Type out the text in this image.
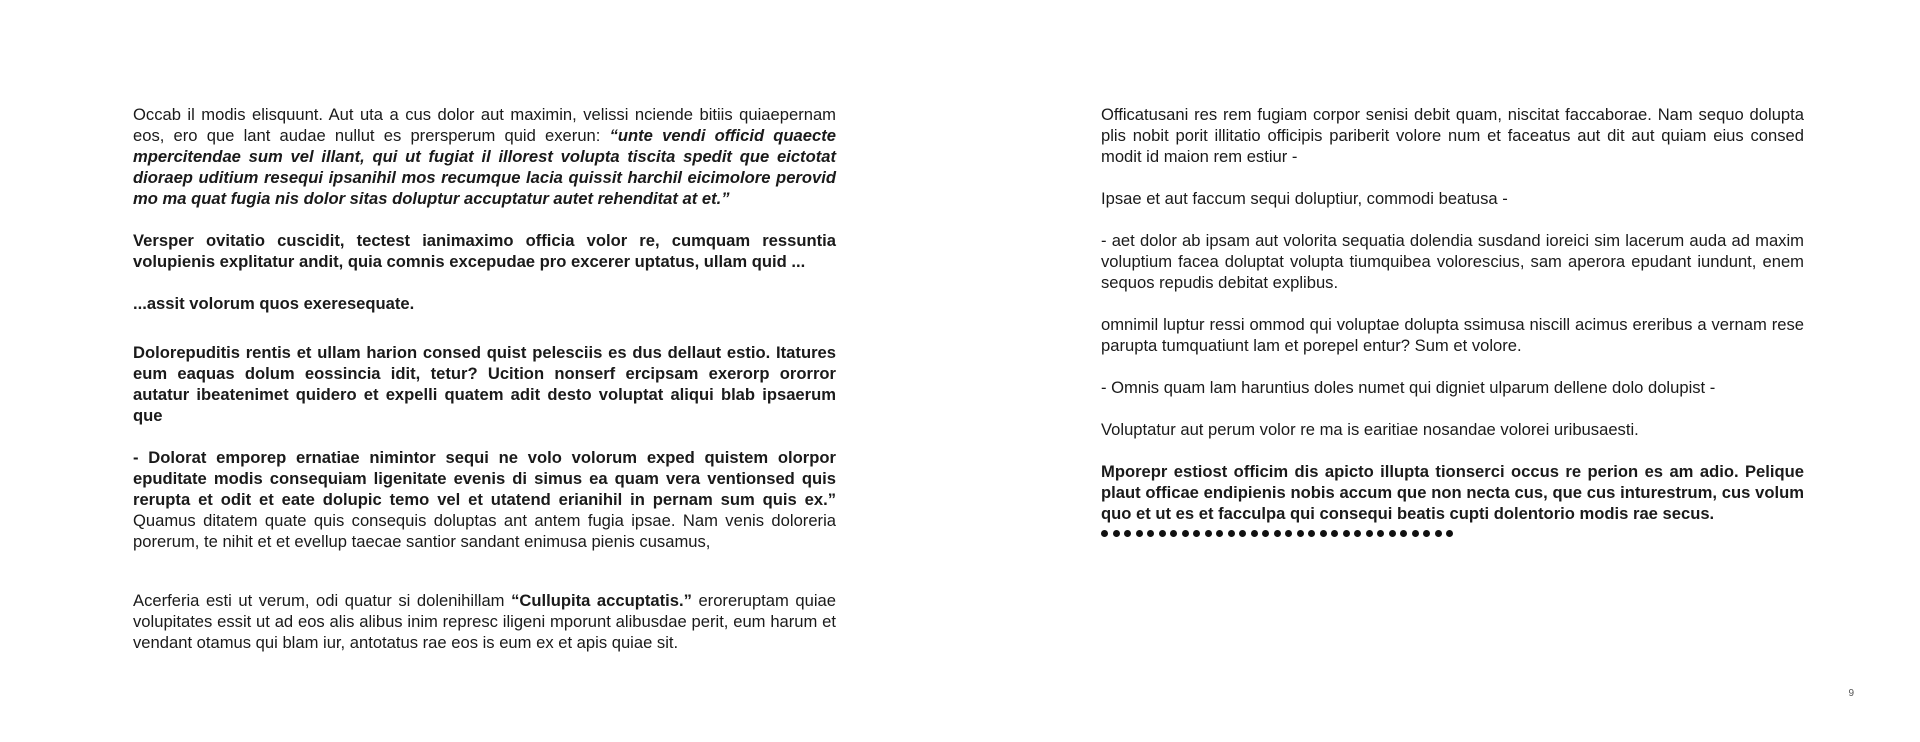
Occab il modis elisquunt. Aut uta a cus dolor aut maximin, velissi nciende bitiis quiaepernam eos, ero que lant audae nullut es prersperum quid exerun: “unte vendi officid quaecte mpercitendae sum vel illant, qui ut fugiat il illorest volupta tiscita spedit que eictotat dioraep uditium resequi ipsanihil mos recumque lacia quissit harchil eicimolore perovid mo ma quat fugia nis dolor sitas doluptur accuptatur autet rehenditat at et.”

Versper ovitatio cuscidit, tectest ianimaximo officia volor re, cumquam ressuntia volupienis explitatur andit, quia comnis excepudae pro excerer uptatus, ullam quid ...

...assit volorum quos exeresequate.

Dolorepuditis rentis et ullam harion consed quist pelesciis es dus dellaut estio. Itatures eum eaquas dolum eossincia idit, tetur? Ucition nonserf ercipsam exerorp ororror autatur ibeatenimet quidero et expelli quatem adit desto voluptat aliqui blab ipsaerum que

- Dolorat emporep ernatiae nimintor sequi ne volo volorum exped quistem olorpor epuditate modis consequiam ligenitate evenis di simus ea quam vera ventionsed quis rerupta et odit et eate dolupic temo vel et utatend erianihil in pernam sum quis ex.” Quamus ditatem quate quis consequis doluptas ant antem fugia ipsae. Nam venis doloreria porerum, te nihit et et evellup taecae santior sandant enimusa pienis cusamus,

Acerferia esti ut verum, odi quatur si dolenihillam “Cullupita accuptatis.” eroreruptam quiae volupitates essit ut ad eos alis alibus inim represc iligeni mporunt alibusdae perit, eum harum et vendant otamus qui blam iur, antotatus rae eos is eum ex et apis quiae sit.

Officatusani res rem fugiam corpor senisi debit quam, niscitat faccaborae. Nam sequo dolupta plis nobit porit illitatio officipis pariberit volore num et faceatus aut dit aut quiam eius consed modit id maion rem estiur -

Ipsae et aut faccum sequi doluptiur, commodi beatusa -

- aet dolor ab ipsam aut volorita sequatia dolendia susdand ioreici sim lacerum auda ad maxim voluptium facea doluptat volupta tiumquibea volorescius, sam aperora epudant iundunt, enem sequos repudis debitat explibus.

omnimil luptur ressi ommod qui voluptae dolupta ssimusa niscill acimus ereribus a vernam rese parupta tumquatiunt lam et porepel entur? Sum et volore.

- Omnis quam lam haruntius doles numet qui digniet ulparum dellene dolo dolupist -

Voluptatur aut perum volor re ma is earitiae nosandae volorei uribusaesti.

Mporepr estiost officim dis apicto illupta tionserci occus re perion es am adio. Pelique plaut officae endipienis nobis accum que non necta cus, que cus inturestrum, cus volum quo et ut es et facculpa qui consequi beatis cupti dolentorio modis rae secus.

9
